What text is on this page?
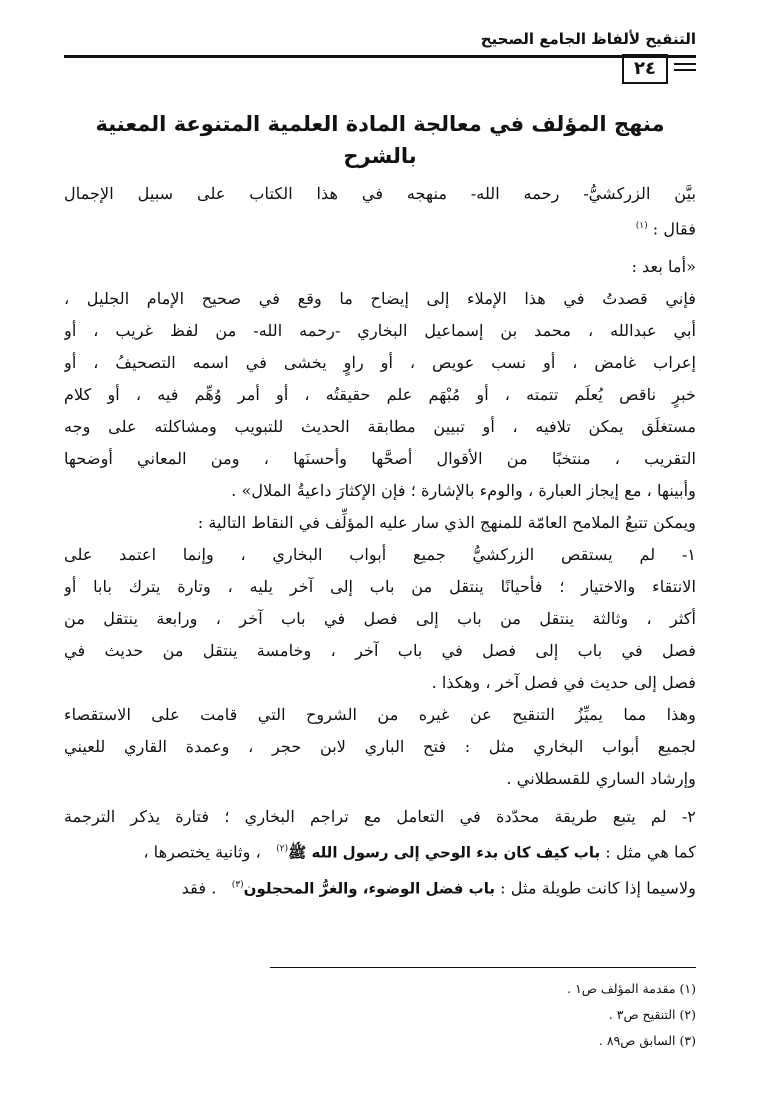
التنقيح لألفاظ الجامع الصحيح
٢٤
منهج المؤلف في معالجة المادة العلمية المتنوعة المعنية بالشرح

بيَّن الزركشيُّ- رحمه الله- منهجه في هذا الكتاب على سبيل الإجمال

فقال : $^{(١)}$

«أما بعد :

فإني قصدتُ في هذا الإملاء إلى إيضاح ما وقع في صحيح الإمام الجليل ،

أبي عبدالله ، محمد بن إسماعيل البخاري -رحمه الله- من لفظ غريب ، أو

إعراب غامض ، أو نسب عويص ، أو راوٍ يخشى في اسمه التصحيفُ ، أو

خبرٍ ناقص يُعلَم تتمته ، أو مُبْهَم علم حقيقتُه ، أو أمر وُهِّم فيه ، أو كلام

مستغلَق يمكن تلافيه ، أو تبيين مطابقة الحديث للتبويب ومشاكلته على وجه

التقريب ، منتخبًا من الأقوال أصحَّها وأحسنَها ، ومن المعاني أوضحها

وأبينها ، مع إيجاز العبارة ، والومء بالإشارة ؛ فإن الإكثارَ داعيةُ الملال» .

ويمكن تتبعُ الملامح العامّة للمنهج الذي سار عليه المؤلِّف في النقاط التالية :

١- لم يستقص الزركشيُّ جميع أبواب البخاري ، وإنما اعتمد على

الانتقاء والاختيار ؛ فأحيانًا ينتقل من باب إلى آخر يليه ، وتارة يترك بابا أو

أكثر ، وثالثة ينتقل من باب إلى فصل في باب آخر ، ورابعة ينتقل من

فصل في باب إلى فصل في باب آخر ، وخامسة ينتقل من حديث في

فصل إلى حديث في فصل آخر ، وهكذا .

وهذا مما يميِّزُ التنقيح عن غيره من الشروح التي قامت على الاستقصاء

لجميع أبواب البخاري مثل : فتح الباري لابن حجر ، وعمدة القاري للعيني

وإرشاد الساري للقسطلاني .

٢- لم يتبع طريقة محدّدة في التعامل مع تراجم البخاري ؛ فتارة يذكر الترجمة

كما هي مثل : باب كيف كان بدء الوحي إلى رسول الله ﷺ$^{(٢)}$   ، وثانية يختصرها ،

ولاسيما إذا كانت طويلة مثل : باب فضل الوضوء، والغرُّ المحجلون$^{(٣)}$   . فقد

(١) مقدمة المؤلف ص١ .
(٢) التنقيح ص٣ .
(٣) السابق ص٨٩ .
